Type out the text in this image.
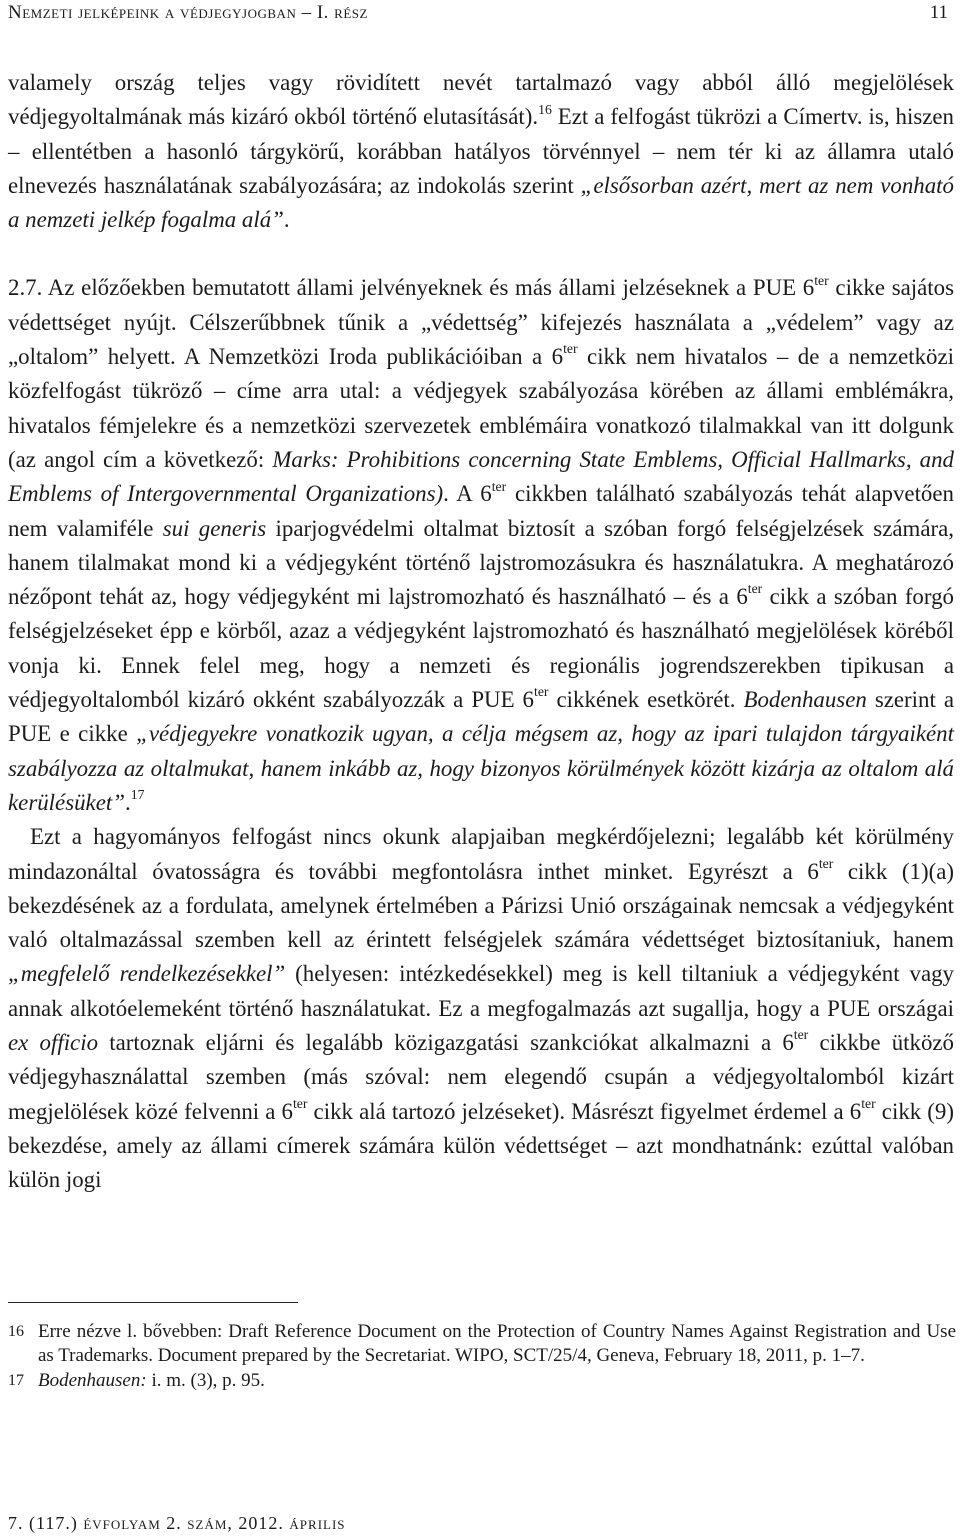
Nemzeti jelképeink a védjegyjogban – I. rész	11

valamely ország teljes vagy rövidített nevét tartalmazó vagy abból álló megjelölések védjegyoltalmának más kizáró okból történő elutasítását).$^{16}$ Ezt a felfogást tükrözi a Címertv. is, hiszen – ellentétben a hasonló tárgykörű, korábban hatályos törvénnyel – nem tér ki az államra utaló elnevezés használatának szabályozására; az indokolás szerint „elsősorban azért, mert az nem vonható a nemzeti jelkép fogalma alá”.

2.7. Az előzőekben bemutatott állami jelvényeknek és más állami jelzéseknek a PUE $6^{ter}$ cikke sajátos védettséget nyújt. Célszerűbbnek tűnik a „védettség” kifejezés használata a „védelem” vagy az „oltalom” helyett. A Nemzetközi Iroda publikációiban a $6^{ter}$ cikk nem hivatalos – de a nemzetközi közfelfogást tükröző – címe arra utal: a védjegyek szabályozása körében az állami emblémákra, hivatalos fémjelekre és a nemzetközi szervezetek emblémáira vonatkozó tilalmakkal van itt dolgunk (az angol cím a következő: Marks: Prohibitions concerning State Emblems, Official Hallmarks, and Emblems of Intergovernmental Organizations). A $6^{ter}$ cikkben található szabályozás tehát alapvetően nem valamiféle sui generis iparjogvédelmi oltalmat biztosít a szóban forgó felségjelzések számára, hanem tilalmakat mond ki a védjegyként történő lajstromozásukra és használatukra. A meghatározó nézőpont tehát az, hogy védjegyként mi lajstromozható és használható – és a $6^{ter}$ cikk a szóban forgó felségjelzéseket épp e körből, azaz a védjegyként lajstromozható és használható megjelölések köréből vonja ki. Ennek felel meg, hogy a nemzeti és regionális jogrendszerekben tipikusan a védjegyoltalomból kizáró okként szabályozzák a PUE $6^{ter}$ cikkének esetkörét. Bodenhausen szerint a PUE e cikke „védjegyekre vonatkozik ugyan, a célja mégsem az, hogy az ipari tulajdon tárgyaiként szabályozza az oltalmukat, hanem inkább az, hogy bizonyos körülmények között kizárja az oltalom alá kerülésüket”.$^{17}$

Ezt a hagyományos felfogást nincs okunk alapjaiban megkérdőjelezni; legalább két körülmény mindazonáltal óvatosságra és további megfontolásra inthet minket. Egyrészt a $6^{ter}$ cikk (1)(a) bekezdésének az a fordulata, amelynek értelmében a Párizsi Unió országainak nemcsak a védjegyként való oltalmazással szemben kell az érintett felségjelek számára védettséget biztosítaniuk, hanem „megfelelő rendelkezésekkel” (helyesen: intézkedésekkel) meg is kell tiltaniuk a védjegyként vagy annak alkotóelemeként történő használatukat. Ez a megfogalmazás azt sugallja, hogy a PUE országai ex officio tartoznak eljárni és legalább közigazgatási szankciókat alkalmazni a $6^{ter}$ cikkbe ütköző védjegyhasználattal szemben (más szóval: nem elegendő csupán a védjegyoltalomból kizárt megjelölések közé felvenni a $6^{ter}$ cikk alá tartozó jelzéseket). Másrészt figyelmet érdemel a $6^{ter}$ cikk (9) bekezdése, amely az állami címerek számára külön védettséget – azt mondhatnánk: ezúttal valóban külön jogi

16 Erre nézve l. bővebben: Draft Reference Document on the Protection of Country Names Against Registration and Use as Trademarks. Document prepared by the Secretariat. WIPO, SCT/25/4, Geneva, February 18, 2011, p. 1–7.
17 Bodenhausen: i. m. (3), p. 95.
7. (117.) évfolyam 2. szám, 2012. április
